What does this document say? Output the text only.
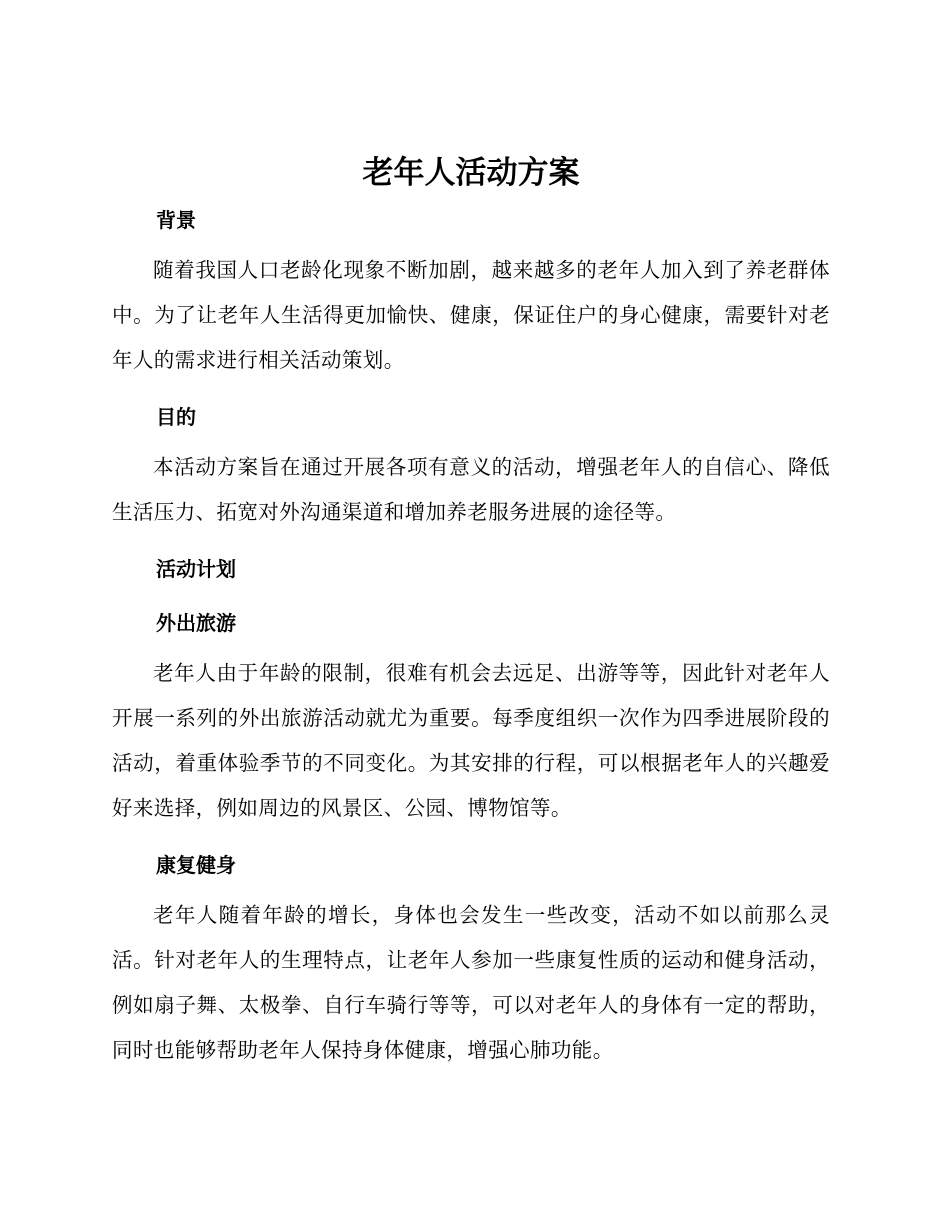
老年人活动方案
背景

随着我国人口老龄化现象不断加剧，越来越多的老年人加入到了养老群体中。为了让老年人生活得更加愉快、健康，保证住户的身心健康，需要针对老年人的需求进行相关活动策划。

目的

本活动方案旨在通过开展各项有意义的活动，增强老年人的自信心、降低生活压力、拓宽对外沟通渠道和增加养老服务进展的途径等。

活动计划
外出旅游

老年人由于年龄的限制，很难有机会去远足、出游等等，因此针对老年人开展一系列的外出旅游活动就尤为重要。每季度组织一次作为四季进展阶段的活动，着重体验季节的不同变化。为其安排的行程，可以根据老年人的兴趣爱好来选择，例如周边的风景区、公园、博物馆等。

康复健身

老年人随着年龄的增长，身体也会发生一些改变，活动不如以前那么灵活。针对老年人的生理特点，让老年人参加一些康复性质的运动和健身活动，例如扇子舞、太极拳、自行车骑行等等，可以对老年人的身体有一定的帮助，同时也能够帮助老年人保持身体健康，增强心肺功能。
